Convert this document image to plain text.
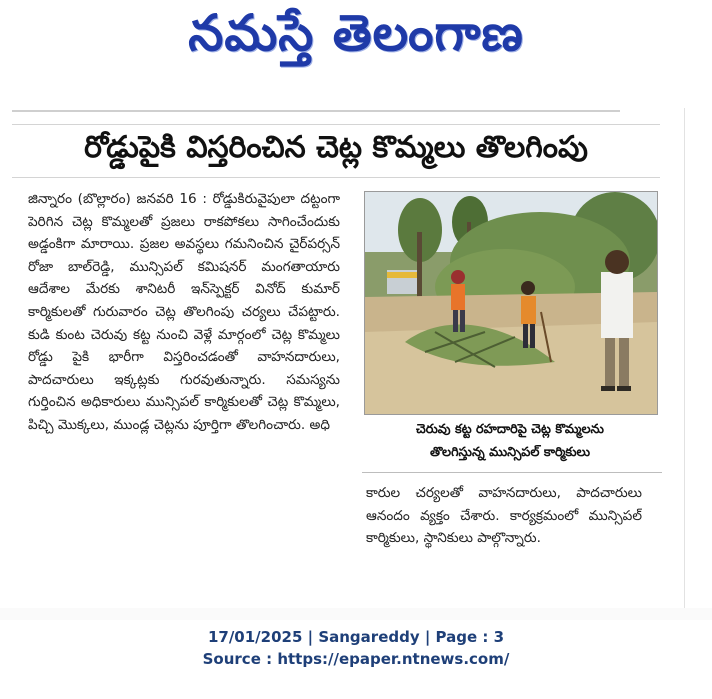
నమస్తే తెలంగాణ
రోడ్డుపైకి విస్తరించిన చెట్ల కొమ్మలు తొలగింపు

జిన్నారం (బొల్లారం) జనవరి 16 : రోడ్డుకిరువైపులా దట్టంగా పెరిగిన చెట్ల కొమ్మలతో ప్రజలు రాకపోకలు సాగించేందుకు అడ్డంకిగా మారాయి. ప్రజల అవస్థలు గమనించిన చైర్‌పర్సన్ రోజా బాల్‌రెడ్డి, మున్సిపల్ కమిషనర్ మంగతాయారు ఆదేశాల మేరకు శానిటరీ ఇన్‌స్పెక్టర్ వినోద్ కుమార్ కార్మికులతో గురువారం చెట్ల తొలగింపు చర్యలు చేపట్టారు. కుడి కుంట చెరువు కట్ట నుంచి వెళ్లే మార్గంలో చెట్ల కొమ్మలు రోడ్డు పైకి భారీగా విస్తరించడంతో వాహనదారులు, పాదచారులు ఇక్కట్లకు గురవుతున్నారు. సమస్యను గుర్తించిన అధికారులు మున్సిపల్ కార్మికులతో చెట్ల కొమ్మలు, పిచ్చి మొక్కలు, ముండ్ల చెట్లను పూర్తిగా తొలగించారు. అధి	చెరువు కట్ట రహదారిపై చెట్ల కొమ్మలను
తొలగిస్తున్న మున్సిపల్ కార్మికులు

కారుల చర్యలతో వాహనదారులు, పాదచారులు ఆనందం వ్యక్తం చేశారు. కార్యక్రమంలో మున్సిపల్ కార్మికులు, స్థానికులు పాల్గొన్నారు.

17/01/2025 | Sangareddy | Page : 3
Source : https://epaper.ntnews.com/
